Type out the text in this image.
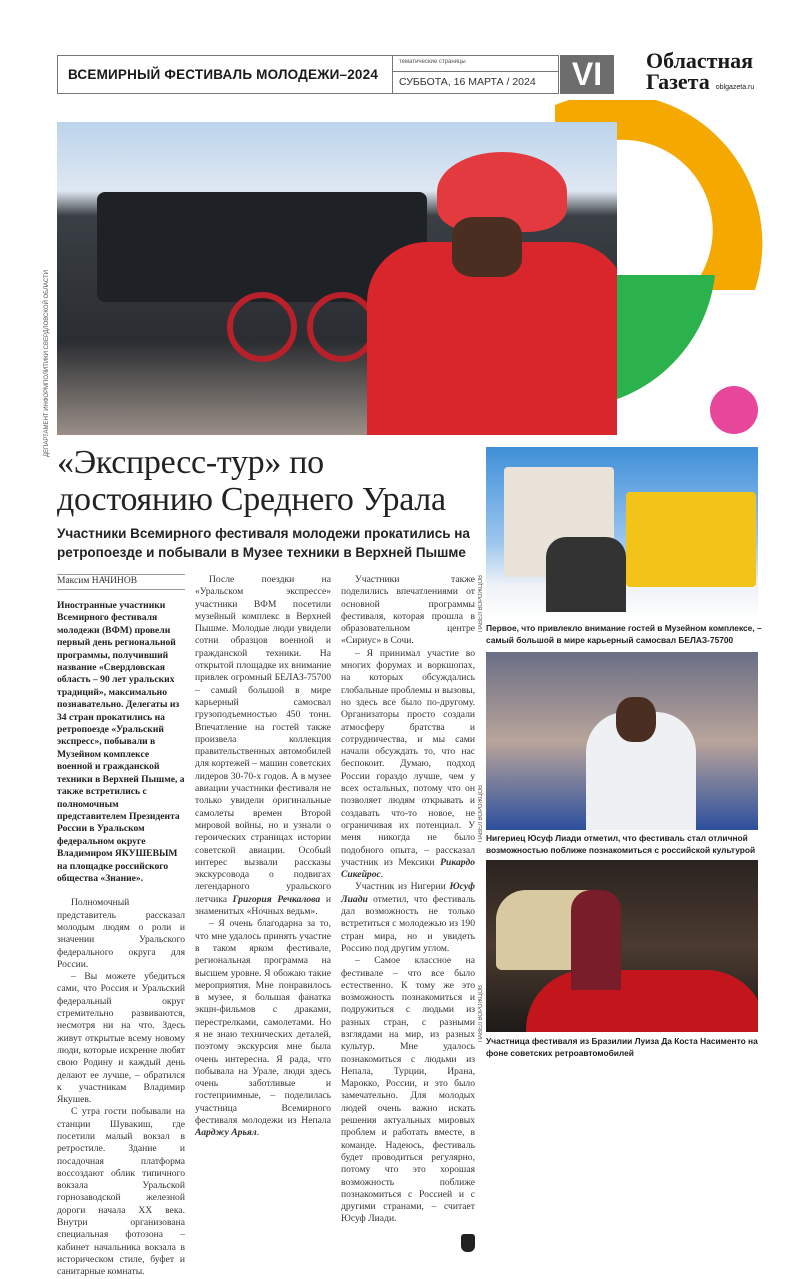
ВСЕМИРНЫЙ ФЕСТИВАЛЬ МОЛОДЕЖИ–2024
тематические страницы
СУББОТА, 16 МАРТА / 2024	VI	Областная
Газета oblgazeta.ru
ДЕПАРТАМЕНТ ИНФОРМПОЛИТИКИ СВЕРДЛОВСКОЙ ОБЛАСТИ
«Экспресс-тур» по достоянию Среднего Урала
Участники Всемирного фестиваля молодежи прокатились на ретропоезде и побывали в Музее техники в Верхней Пышме
Максим НАЧИНОВ

Иностранные участники Всемирного фестиваля молодежи (ВФМ) провели первый день региональной программы, получивший название «Свердловская область – 90 лет уральских традиций», максимально познавательно. Делегаты из 34 стран прокатились на ретропоезде «Уральский экспресс», побывали в Музейном комплексе военной и гражданской техники в Верхней Пышме, а также встретились с полномочным представителем Президента России в Уральском федеральном округе Владимиром ЯКУШЕВЫМ на площадке российского общества «Знание».

Полномочный представитель рассказал молодым людям о роли и значении Уральского федерального округа для России.

– Вы можете убедиться сами, что Россия и Уральский федеральный округ стремительно развиваются, несмотря ни на что. Здесь живут открытые всему новому люди, которые искренне любят свою Родину и каждый день делают ее лучше, – обратился к участникам Владимир Якушев.

С утра гости побывали на станции Шувакиш, где посетили малый вокзал в ретростиле. Здание и посадочная платформа воссоздают облик типичного вокзала Уральской горнозаводской железной дороги начала XX века. Внутри организована специальная фотозона – кабинет начальника вокзала в историческом стиле, буфет и санитарные комнаты.

После поездки на «Уральском экспрессе» участники ВФМ посетили музейный комплекс в Верхней Пышме. Молодые люди увидели сотни образцов военной и гражданской техники. На открытой площадке их внимание привлек огромный БЕЛАЗ-75700 – самый большой в мире карьерный самосвал грузоподъемностью 450 тонн. Впечатление на гостей также произвела коллекция правительственных автомобилей для кортежей – машин советских лидеров 30-70-х годов. А в музее авиации участники фестиваля не только увидели оригинальные самолеты времен Второй мировой войны, но и узнали о героических страницах истории советской авиации. Особый интерес вызвали рассказы экскурсовода о подвигах легендарного уральского летчика Григория Речкалова и знаменитых «Ночных ведьм».

– Я очень благодарна за то, что мне удалось принять участие в таком ярком фестивале, региональная программа на высшем уровне. Я обожаю такие мероприятия. Мне понравилось в музее, я большая фанатка экшн-фильмов с драками, перестрелками, самолетами. Но я не знаю технических деталей, поэтому экскурсия мне была очень интересна. Я рада, что побывала на Урале, люди здесь очень заботливые и гостеприимные, – поделилась участница Всемирного фестиваля молодежи из Непала Аарджу Арьял.

Участники также поделились впечатлениями от основной программы фестиваля, которая прошла в образовательном центре «Сириус» в Сочи.

– Я принимал участие во многих форумах и воркшопах, на которых обсуждались глобальные проблемы и вызовы, но здесь все было по-другому. Организаторы просто создали атмосферу братства и сотрудничества, и мы сами начали обсуждать то, что нас беспокоит. Думаю, подход России гораздо лучше, чем у всех остальных, потому что он позволяет людям открывать и создавать что-то новое, не ограничивая их потенциал. У меня никогда не было подобного опыта, – рассказал участник из Мексики Рикардо Сикейрос.

Участник из Нигерии Юсуф Лиади отметил, что фестиваль дал возможность не только встретиться с молодежью из 190 стран мира, но и увидеть Россию под другим углом.

– Самое классное на фестивале – что все было естественно. К тому же это возможность познакомиться и подружиться с людьми из разных стран, с разными взглядами на мир, из разных культур. Мне удалось познакомиться с людьми из Непала, Турции, Ирана, Марокко, России, и это было замечательно. Для молодых людей очень важно искать решения актуальных мировых проблем и работать вместе, в команде. Надеюсь, фестиваль будет проводиться регулярно, потому что это хорошая возможность поближе познакомиться с Россией и с другими странами, – считает Юсуф Лиади.

ПАВЕЛ ВОРОЖЦОВ Первое, что привлекло внимание гостей в Музейном комплексе, – самый большой в мире карьерный самосвал БЕЛАЗ-75700
ПАВЕЛ ВОРОЖЦОВ Нигериец Юсуф Лиади отметил, что фестиваль стал отличной возможностью поближе познакомиться с российской культурой
ПАВЕЛ ВОРОЖЦОВ Участница фестиваля из Бразилии Луиза Да Коста Насименто на фоне советских ретроавтомобилей
